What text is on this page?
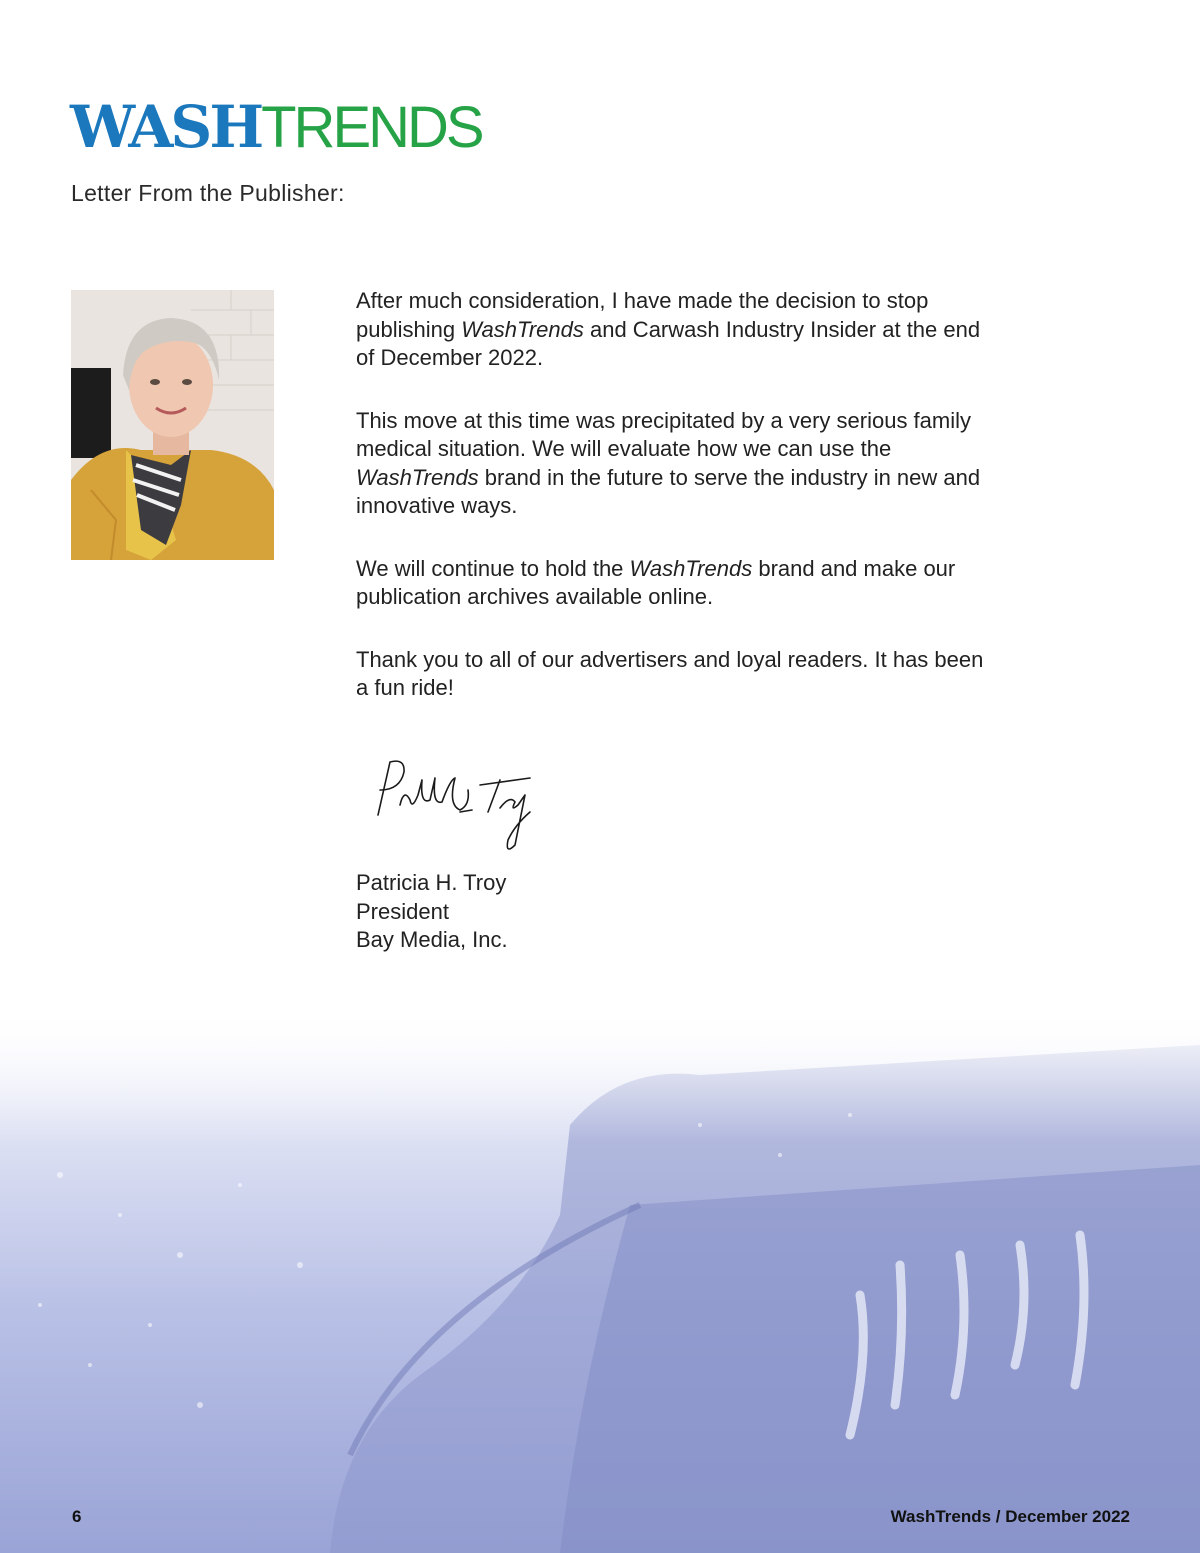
WASHTRENDS
Letter From the Publisher:

After much consideration, I have made the decision to stop publishing WashTrends and Carwash Industry Insider at the end of December 2022.

This move at this time was precipitated by a very serious family medical situation. We will evaluate how we can use the WashTrends brand in the future to serve the industry in new and innovative ways.

We will continue to hold the WashTrends brand and make our publication archives available online.

Thank you to all of our advertisers and loyal readers. It has been a fun ride!

Patricia H. Troy
President
Bay Media, Inc.
6	WashTrends / December 2022
